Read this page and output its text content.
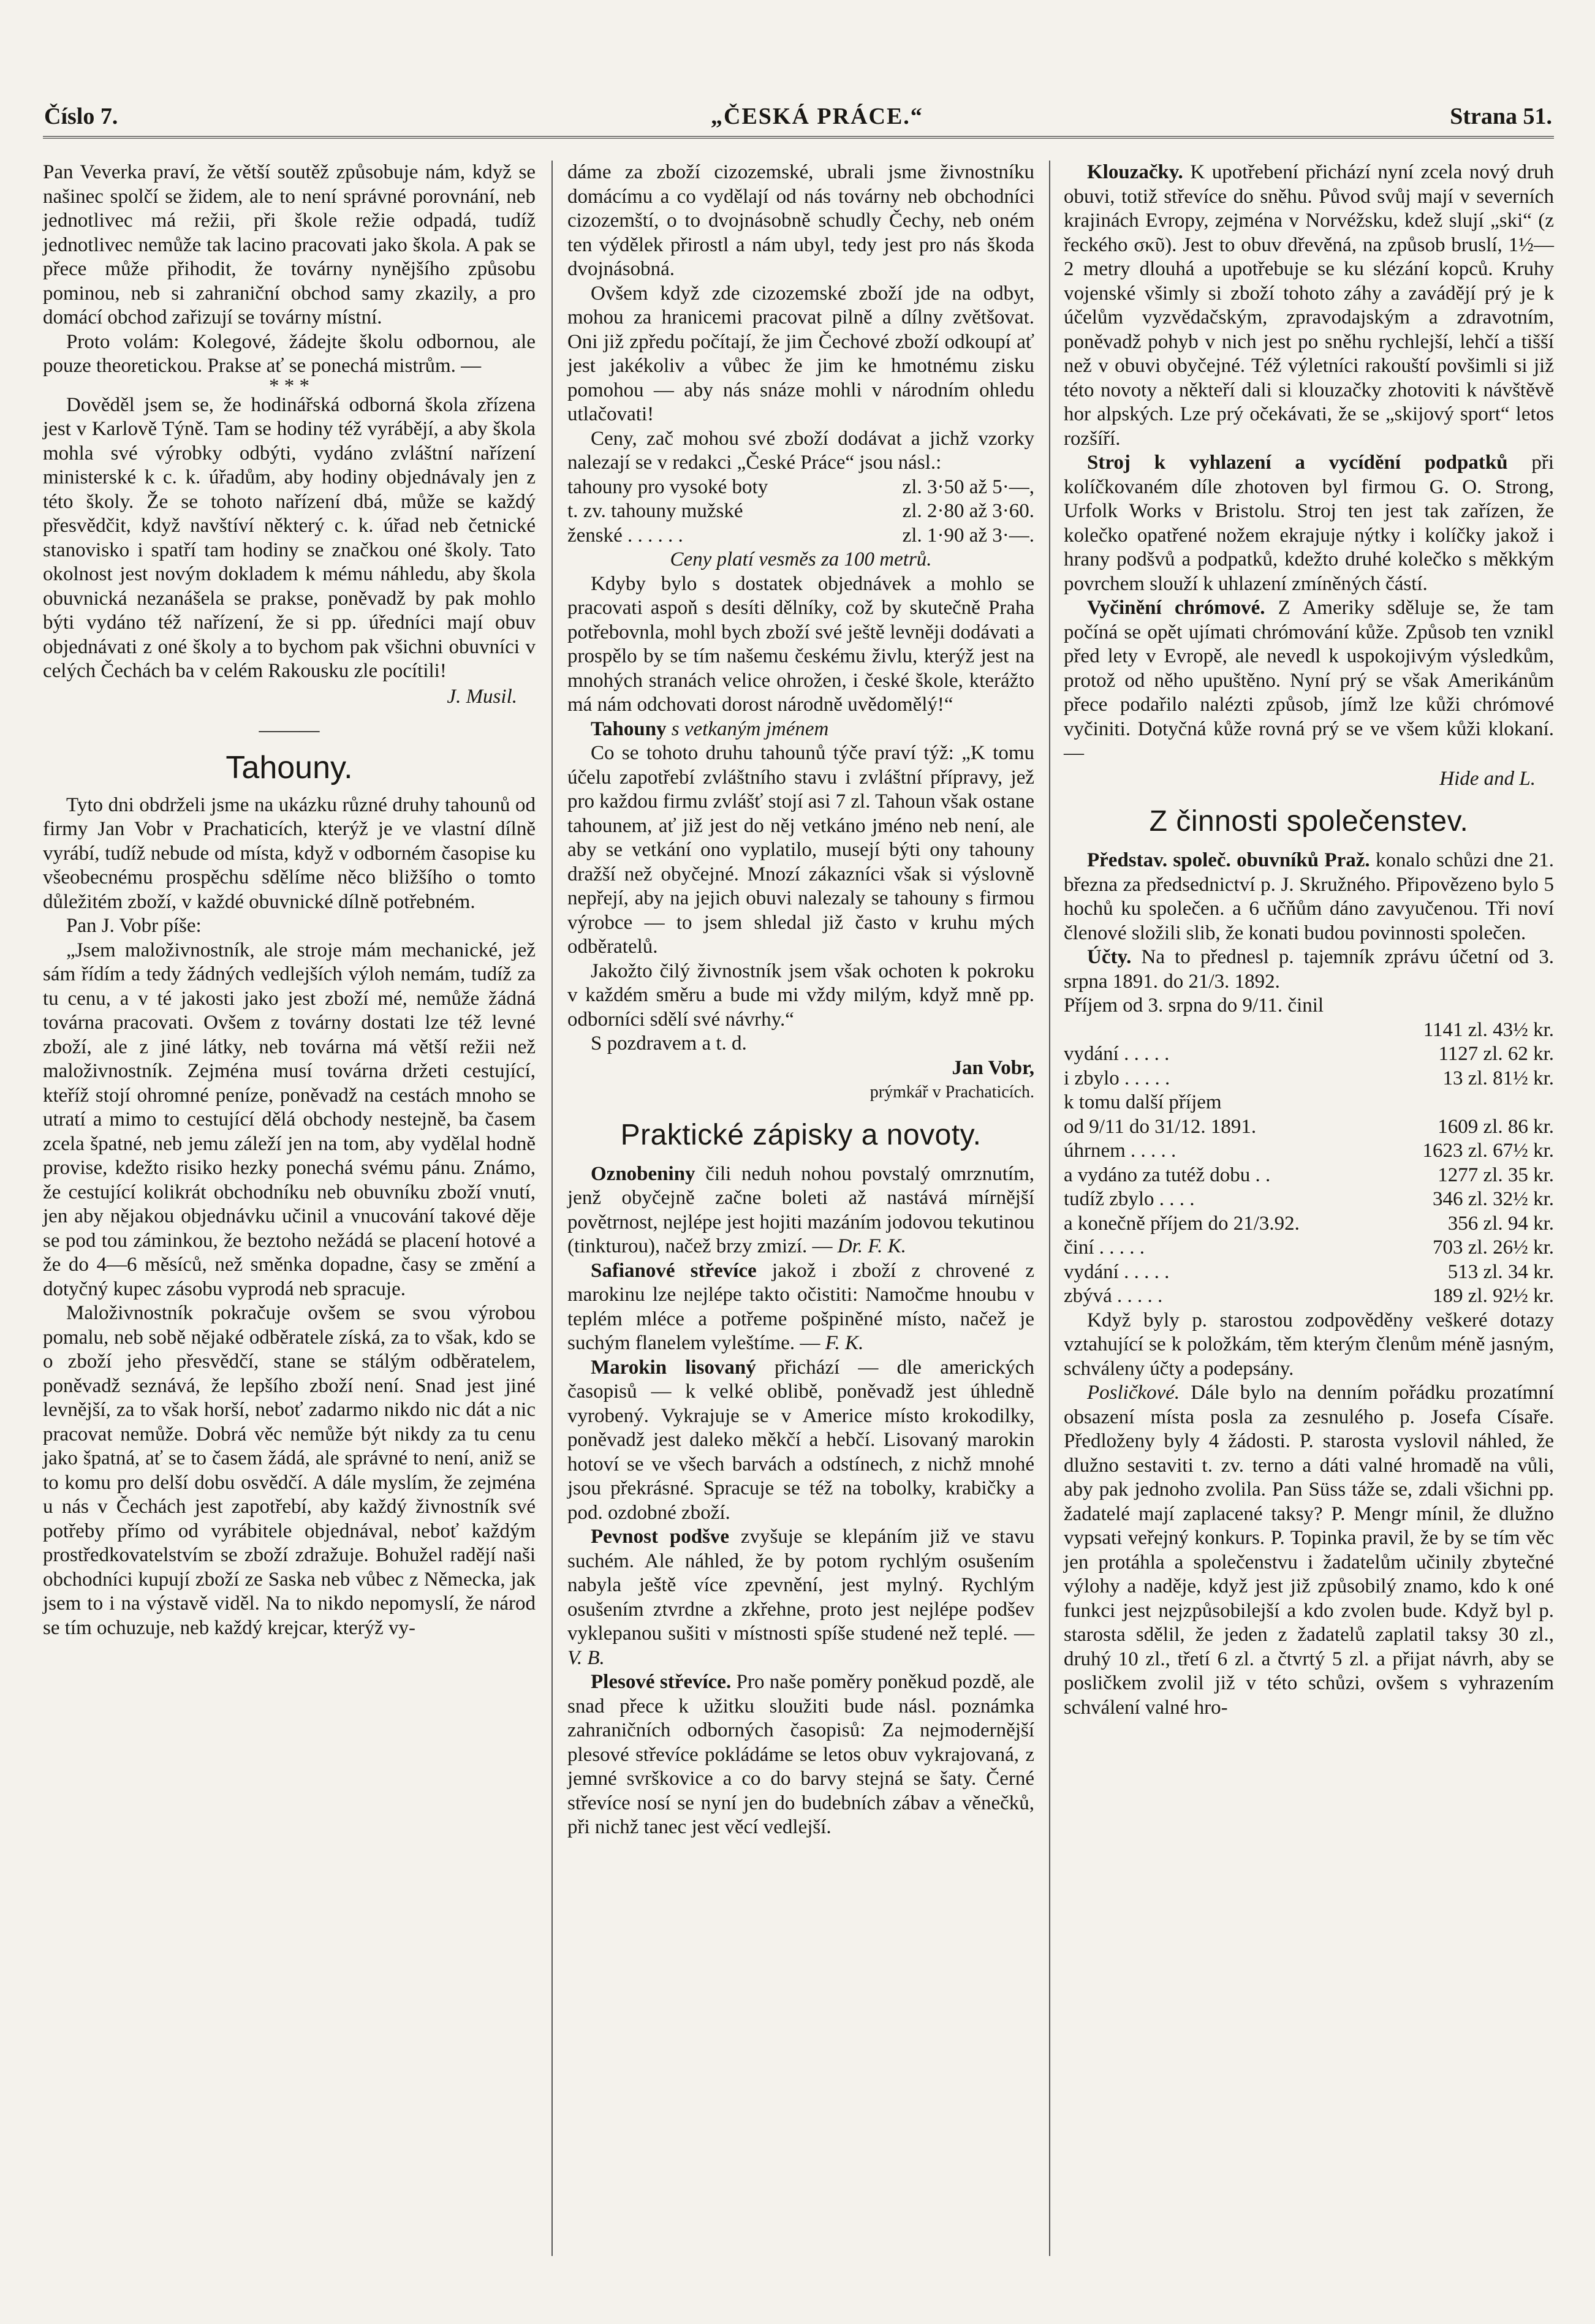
Číslo 7.	„ČESKÁ PRÁCE.“	Strana 51.

Pan Veverka praví, že větší soutěž způsobuje nám, když se našinec spolčí se židem, ale to není správné porovnání, neb jednotlivec má režii, při škole režie odpadá, tudíž jednotlivec nemůže tak lacino pracovati jako škola. A pak se přece může přihodit, že továrny nynějšího způsobu pominou, neb si zahraniční obchod samy zkazily, a pro domácí obchod zařizují se továrny místní.

Proto volám: Kolegové, žádejte školu odbornou, ale pouze theoretickou. Prakse ať se ponechá mistrům. —

* * *

Dověděl jsem se, že hodinářská odborná škola zřízena jest v Karlově Týně. Tam se hodiny též vyrábějí, a aby škola mohla své výrobky odbýti, vydáno zvláštní nařízení ministerské k c. k. úřadům, aby hodiny objednávaly jen z této školy. Že se tohoto nařízení dbá, může se každý přesvědčit, když navštíví některý c. k. úřad neb četnické stanovisko i spatří tam hodiny se značkou oné školy. Tato okolnost jest novým dokladem k mému náhledu, aby škola obuvnická nezanášela se prakse, poněvadž by pak mohlo býti vydáno též nařízení, že si pp. úředníci mají obuv objednávati z oné školy a to bychom pak všichni obuvníci v celých Čechách ba v celém Rakousku zle pocítili!

J. Musil.
———
Tahouny.

Tyto dni obdrželi jsme na ukázku různé druhy tahounů od firmy Jan Vobr v Prachaticích, kterýž je ve vlastní dílně vyrábí, tudíž nebude od místa, když v odborném časopise ku všeobecnému prospěchu sdělíme něco bližšího o tomto důležitém zboží, v každé obuvnické dílně potřebném.

Pan J. Vobr píše:

„Jsem maloživnostník, ale stroje mám mechanické, jež sám řídím a tedy žádných vedlejších výloh nemám, tudíž za tu cenu, a v té jakosti jako jest zboží mé, nemůže žádná továrna pracovati. Ovšem z továrny dostati lze též levné zboží, ale z jiné látky, neb továrna má větší režii než maloživnostník. Zejména musí továrna držeti cestující, kteříž stojí ohromné peníze, poněvadž na cestách mnoho se utratí a mimo to cestující dělá obchody nestejně, ba časem zcela špatné, neb jemu záleží jen na tom, aby vydělal hodně provise, kdežto risiko hezky ponechá svému pánu. Známo, že cestující kolikrát obchodníku neb obuvníku zboží vnutí, jen aby nějakou objednávku učinil a vnucování takové děje se pod tou záminkou, že beztoho nežádá se placení hotové a že do 4—6 měsíců, než směnka dopadne, časy se změní a dotyčný kupec zásobu vyprodá neb spracuje.

Maloživnostník pokračuje ovšem se svou výrobou pomalu, neb sobě nějaké odběratele získá, za to však, kdo se o zboží jeho přesvědčí, stane se stálým odběratelem, poněvadž seznává, že lepšího zboží není. Snad jest jiné levnější, za to však horší, neboť zadarmo nikdo nic dát a nic pracovat nemůže. Dobrá věc nemůže být nikdy za tu cenu jako špatná, ať se to časem žádá, ale správné to není, aniž se to komu pro delší dobu osvědčí. A dále myslím, že zejména u nás v Čechách jest zapotřebí, aby každý živnostník své potřeby přímo od vyrábitele objednával, neboť každým prostředkovatelstvím se zboží zdražuje. Bohužel radějí naši obchodníci kupují zboží ze Saska neb vůbec z Německa, jak jsem to i na výstavě viděl. Na to nikdo nepomyslí, že národ se tím ochuzuje, neb každý krejcar, kterýž vy-

dáme za zboží cizozemské, ubrali jsme živnostníku domácímu a co vydělají od nás továrny neb obchodníci cizozemští, o to dvojnásobně schudly Čechy, neb oném ten výdělek přirostl a nám ubyl, tedy jest pro nás škoda dvojnásobná.

Ovšem když zde cizozemské zboží jde na odbyt, mohou za hranicemi pracovat pilně a dílny zvětšovat. Oni již zpředu počítají, že jim Čechové zboží odkoupí ať jest jakékoliv a vůbec že jim ke hmotnému zisku pomohou — aby nás snáze mohli v národním ohledu utlačovati!

Ceny, zač mohou své zboží dodávat a jichž vzorky nalezají se v redakci „České Práce“ jsou násl.:

tahouny pro vysoké boty	zl. 3·50 až 5·—,
t. zv. tahouny mužské	zl. 2·80 až 3·60.
ženské . . . . . .	zl. 1·90 až 3·—.
Ceny platí vesměs za 100 metrů.

Kdyby bylo s dostatek objednávek a mohlo se pracovati aspoň s desíti dělníky, což by skutečně Praha potřebovnla, mohl bych zboží své ještě levněji dodávati a prospělo by se tím našemu českému živlu, kterýž jest na mnohých stranách velice ohrožen, i české škole, kterážto má nám odchovati dorost národně uvědomělý!“

Tahouny s vetkaným jménem

Co se tohoto druhu tahounů týče praví týž: „K tomu účelu zapotřebí zvláštního stavu i zvláštní přípravy, jež pro každou firmu zvlášť stojí asi 7 zl. Tahoun však ostane tahounem, ať již jest do něj vetkáno jméno neb není, ale aby se vetkání ono vyplatilo, musejí býti ony tahouny dražší než obyčejné. Mnozí zákazníci však si výslovně nepřejí, aby na jejich obuvi nalezaly se tahouny s firmou výrobce — to jsem shledal již často v kruhu mých odběratelů.

Jakožto čilý živnostník jsem však ochoten k pokroku v každém směru a bude mi vždy milým, když mně pp. odborníci sdělí své návrhy.“

S pozdravem a t. d.

Jan Vobr,
prýmkář v Prachaticích.
Praktické zápisky a novoty.

Oznobeniny čili neduh nohou povstalý omrznutím, jenž obyčejně začne boleti až nastává mírnější povětrnost, nejlépe jest hojiti mazáním jodovou tekutinou (tinkturou), načež brzy zmizí. — Dr. F. K.

Safianové střevíce jakož i zboží z chrovené z marokinu lze nejlépe takto očistiti: Namočme hnoubu v teplém mléce a potřeme pošpiněné místo, načež je suchým flanelem vyleštíme. — F. K.

Marokin lisovaný přichází — dle amerických časopisů — k velké oblibě, poněvadž jest úhledně vyrobený. Vykrajuje se v Americe místo krokodilky, poněvadž jest daleko měkčí a hebčí. Lisovaný marokin hotoví se ve všech barvách a odstínech, z nichž mnohé jsou překrásné. Spracuje se též na tobolky, krabičky a pod. ozdobné zboží.

Pevnost podšve zvyšuje se klepáním již ve stavu suchém. Ale náhled, že by potom rychlým osušením nabyla ještě více zpevnění, jest mylný. Rychlým osušením ztvrdne a zkřehne, proto jest nejlépe podšev vyklepanou sušiti v místnosti spíše studené než teplé. — V. B.

Plesové střevíce. Pro naše poměry poněkud pozdě, ale snad přece k užitku sloužiti bude násl. poznámka zahraničních odborných časopisů: Za nejmodernější plesové střevíce pokládáme se letos obuv vykrajovaná, z jemné svrškovice a co do barvy stejná se šaty. Černé střevíce nosí se nyní jen do budebních zábav a věnečků, při nichž tanec jest věcí vedlejší.

Klouzačky. K upotřebení přichází nyní zcela nový druh obuvi, totiž střevíce do sněhu. Původ svůj mají v severních krajinách Evropy, zejména v Norvéžsku, kdež slují „ski“ (z řeckého σκῦ). Jest to obuv dřevěná, na způsob bruslí, 1½—2 metry dlouhá a upotřebuje se ku slézání kopců. Kruhy vojenské všimly si zboží tohoto záhy a zavádějí prý je k účelům vyzvědačským, zpravodajským a zdravotním, poněvadž pohyb v nich jest po sněhu rychlejší, lehčí a tišší než v obuvi obyčejné. Též výletníci rakouští povšimli si již této novoty a někteří dali si klouzačky zhotoviti k návštěvě hor alpských. Lze prý očekávati, že se „skijový sport“ letos rozšíří.

Stroj k vyhlazení a vycídění podpatků při kolíčkovaném díle zhotoven byl firmou G. O. Strong, Urfolk Works v Bristolu. Stroj ten jest tak zařízen, že kolečko opatřené nožem ekrajuje nýtky i kolíčky jakož i hrany podšvů a podpatků, kdežto druhé kolečko s měkkým povrchem slouží k uhlazení zmíněných částí.

Vyčinění chrómové. Z Ameriky sděluje se, že tam počíná se opět ujímati chrómování kůže. Způsob ten vznikl před lety v Evropě, ale nevedl k uspokojivým výsledkům, protož od něho upuštěno. Nyní prý se však Amerikánům přece podařilo nalézti způsob, jímž lze kůži chrómové vyčiniti. Dotyčná kůže rovná prý se ve všem kůži klokaní. —

Hide and L.
Z činnosti společenstev.

Představ. společ. obuvníků Praž. konalo schůzi dne 21. března za předsednictví p. J. Skružného. Připovězeno bylo 5 hochů ku společen. a 6 učňům dáno zavyučenou. Tři noví členové složili slib, že konati budou povinnosti společen.

Účty. Na to přednesl p. tajemník zprávu účetní od 3. srpna 1891. do 21/3. 1892.

Příjem od 3. srpna do 9/11. činil

1141 zl. 43½ kr.
vydání . . . . .	1127 zl. 62 kr.
i zbylo . . . . .	13 zl. 81½ kr.
k tomu další příjem
od 9/11 do 31/12. 1891.	1609 zl. 86 kr.
úhrnem . . . . .	1623 zl. 67½ kr.
a vydáno za tutéž dobu . .	1277 zl. 35 kr.
tudíž zbylo . . . .	346 zl. 32½ kr.
a konečně příjem do 21/3.92.	356 zl. 94 kr.
činí . . . . .	703 zl. 26½ kr.
vydání . . . . .	513 zl. 34 kr.
zbývá . . . . .	189 zl. 92½ kr.

Když byly p. starostou zodpověděny veškeré dotazy vztahující se k položkám, těm kterým členům méně jasným, schváleny účty a podepsány.

Posličkové. Dále bylo na denním pořádku prozatímní obsazení místa posla za zesnulého p. Josefa Císaře. Předloženy byly 4 žádosti. P. starosta vyslovil náhled, že dlužno sestaviti t. zv. terno a dáti valné hromadě na vůli, aby pak jednoho zvolila. Pan Süss táže se, zdali všichni pp. žadatelé mají zaplacené taksy? P. Mengr mínil, že dlužno vypsati veřejný konkurs. P. Topinka pravil, že by se tím věc jen protáhla a společenstvu i žadatelům učinily zbytečné výlohy a naděje, když jest již způsobilý znamo, kdo k oné funkci jest nejzpůsobilejší a kdo zvolen bude. Když byl p. starosta sdělil, že jeden z žadatelů zaplatil taksy 30 zl., druhý 10 zl., třetí 6 zl. a čtvrtý 5 zl. a přijat návrh, aby se posličkem zvolil již v této schůzi, ovšem s vyhrazením schválení valné hro-
